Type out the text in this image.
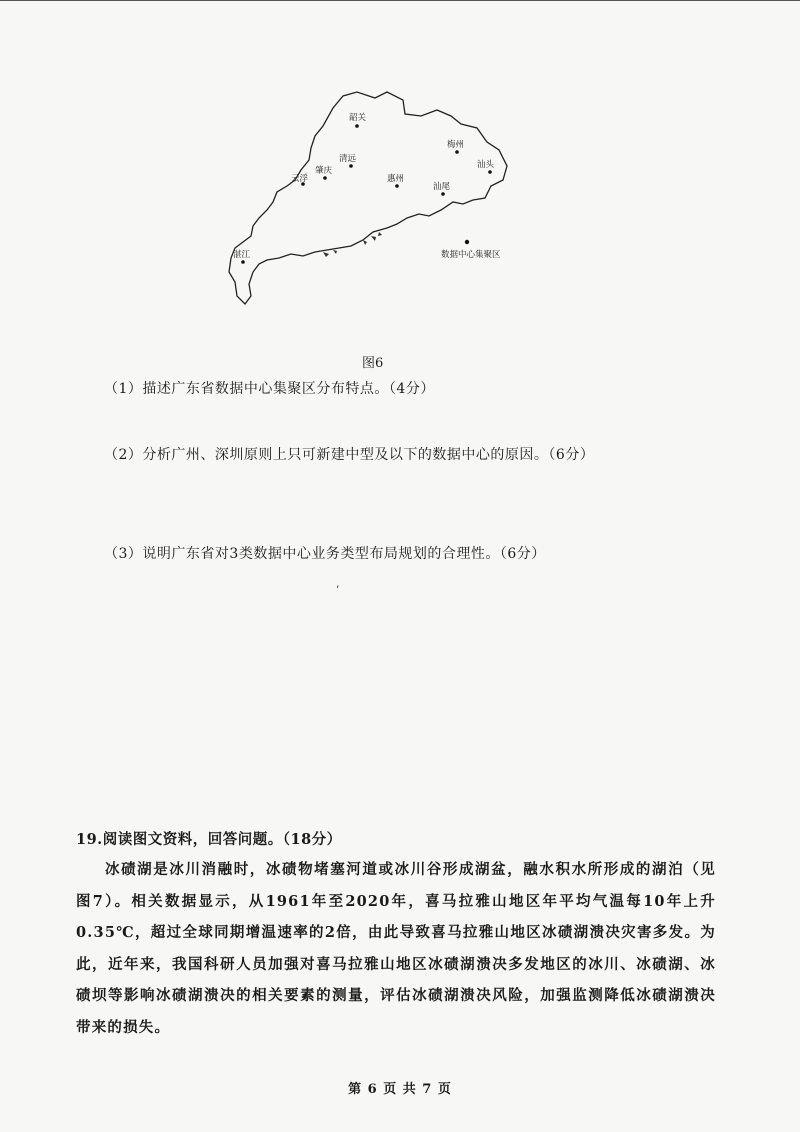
韶关
梅州
汕头
清远
肇庆
云浮	惠州
汕尾
湛江	数据中心集聚区
图6
（1）描述广东省数据中心集聚区分布特点。（4分）
（2）分析广州、深圳原则上只可新建中型及以下的数据中心的原因。（6分）
（3）说明广东省对3类数据中心业务类型布局规划的合理性。（6分）
’
19.阅读图文资料，回答问题。（18分）
冰碛湖是冰川消融时，冰碛物堵塞河道或冰川谷形成湖盆，融水积水所形成的湖泊（见图7）。相关数据显示，从1961年至2020年，喜马拉雅山地区年平均气温每10年上升0.35℃，超过全球同期增温速率的2倍，由此导致喜马拉雅山地区冰碛湖溃决灾害多发。为此，近年来，我国科研人员加强对喜马拉雅山地区冰碛湖溃决多发地区的冰川、冰碛湖、冰碛坝等影响冰碛湖溃决的相关要素的测量，评估冰碛湖溃决风险，加强监测降低冰碛湖溃决带来的损失。
第 6 页 共 7 页
